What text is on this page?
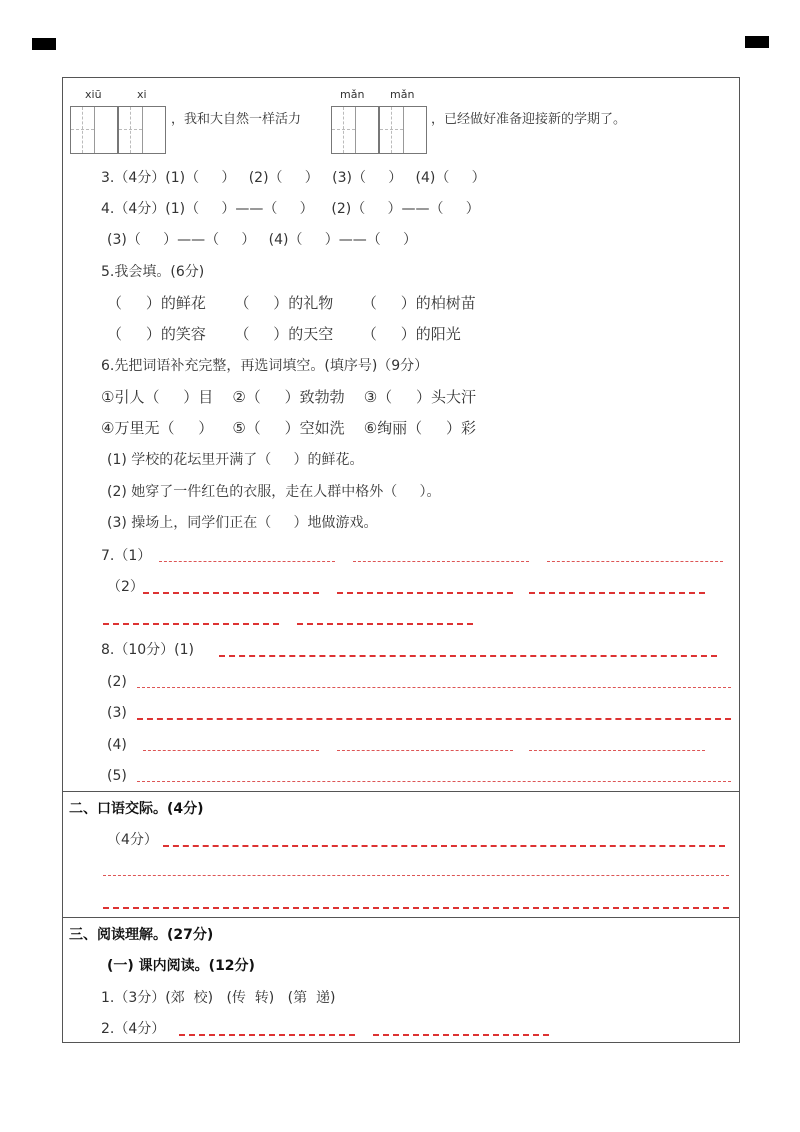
xiū	xi	mǎn mǎn
，我和大自然一样活力	，已经做好准备迎接新的学期了。
3.（4分）(1)（     ）   (2)（     ）   (3)（     ）   (4)（     ）
4.（4分）(1)（     ）——（     ）    (2)（     ）——（     ）
(3)（     ）——（     ）   (4)（     ）——（     ）
5.我会填。(6分)
（     ）的鲜花      （     ）的礼物      （     ）的柏树苗
（     ）的笑容      （     ）的天空      （     ）的阳光
6.先把词语补充完整，再选词填空。(填序号)（9分）
①引人（     ）目    ②（     ）致勃勃    ③（     ）头大汗
④万里无（     ）    ⑤（     ）空如洗    ⑥绚丽（     ）彩
(1) 学校的花坛里开满了（     ）的鲜花。
(2) 她穿了一件红色的衣服，走在人群中格外（     ）。
(3) 操场上，同学们正在（     ）地做游戏。
7.（1）
（2）
8.（10分）(1)
(2)
(3)
(4)
(5)
二、口语交际。(4分)
（4分）
三、阅读理解。(27分)
(一) 课内阅读。(12分)
1.（3分）(郊  校)   (传  转)   (第  递)
2.（4分）
